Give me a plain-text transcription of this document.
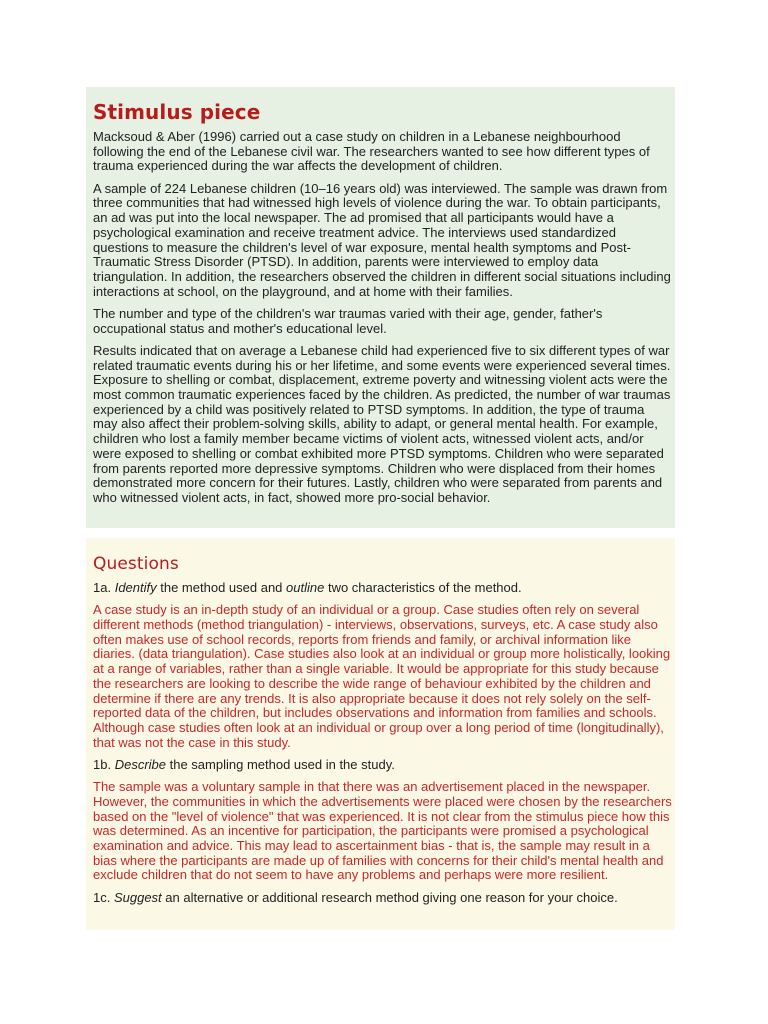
Stimulus piece

Macksoud & Aber (1996) carried out a case study on children in a Lebanese neighbourhood following the end of the Lebanese civil war. The researchers wanted to see how different types of trauma experienced during the war affects the development of children.

A sample of 224 Lebanese children (10–16 years old) was interviewed. The sample was drawn from three communities that had witnessed high levels of violence during the war. To obtain participants, an ad was put into the local newspaper. The ad promised that all participants would have a psychological examination and receive treatment advice. The interviews used standardized questions to measure the children's level of war exposure, mental health symptoms and Post-Traumatic Stress Disorder (PTSD). In addition, parents were interviewed to employ data triangulation. In addition, the researchers observed the children in different social situations including interactions at school, on the playground, and at home with their families.

The number and type of the children's war traumas varied with their age, gender, father's occupational status and mother's educational level.

Results indicated that on average a Lebanese child had experienced five to six different types of war related traumatic events during his or her lifetime, and some events were experienced several times. Exposure to shelling or combat, displacement, extreme poverty and witnessing violent acts were the most common traumatic experiences faced by the children. As predicted, the number of war traumas experienced by a child was positively related to PTSD symptoms. In addition, the type of trauma may also affect their problem-solving skills, ability to adapt, or general mental health. For example, children who lost a family member became victims of violent acts, witnessed violent acts, and/or were exposed to shelling or combat exhibited more PTSD symptoms. Children who were separated from parents reported more depressive symptoms. Children who were displaced from their homes demonstrated more concern for their futures. Lastly, children who were separated from parents and who witnessed violent acts, in fact, showed more pro-social behavior.

Questions

1a. Identify the method used and outline two characteristics of the method.

A case study is an in-depth study of an individual or a group. Case studies often rely on several different methods (method triangulation) - interviews, observations, surveys, etc. A case study also often makes use of school records, reports from friends and family, or archival information like diaries. (data triangulation). Case studies also look at an individual or group more holistically, looking at a range of variables, rather than a single variable. It would be appropriate for this study because the researchers are looking to describe the wide range of behaviour exhibited by the children and determine if there are any trends. It is also appropriate because it does not rely solely on the self-reported data of the children, but includes observations and information from families and schools. Although case studies often look at an individual or group over a long period of time (longitudinally), that was not the case in this study.

1b. Describe the sampling method used in the study.

The sample was a voluntary sample in that there was an advertisement placed in the newspaper. However, the communities in which the advertisements were placed were chosen by the researchers based on the "level of violence" that was experienced. It is not clear from the stimulus piece how this was determined. As an incentive for participation, the participants were promised a psychological examination and advice. This may lead to ascertainment bias - that is, the sample may result in a bias where the participants are made up of families with concerns for their child's mental health and exclude children that do not seem to have any problems and perhaps were more resilient.

1c. Suggest an alternative or additional research method giving one reason for your choice.
